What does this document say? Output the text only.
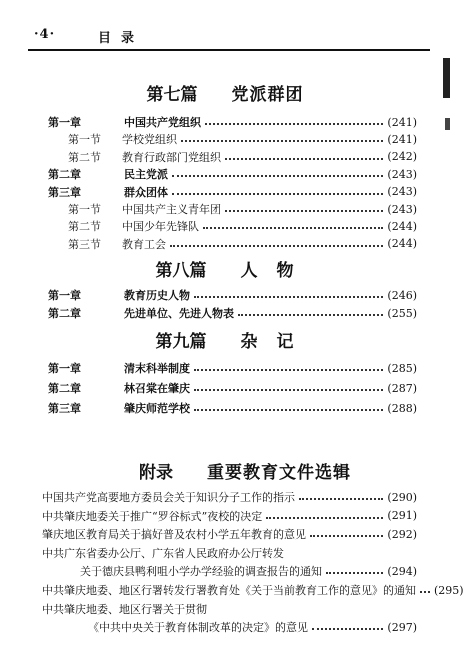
·4·	目录
第七篇 党派群团
第一章	中国共产党组织	(241)
第一节	学校党组织	(241)
第二节	教育行政部门党组织	(242)
第二章	民主党派	(243)
第三章	群众团体	(243)
第一节	中国共产主义青年团	(243)
第二节	中国少年先锋队	(244)
第三节	教育工会	(244)
第八篇 人　物
第一章	教育历史人物	(246)
第二章	先进单位、先进人物表	(255)
第九篇 杂　记
第一章	清末科举制度	(285)
第二章	林召棠在肇庆	(287)
第三章	肇庆师范学校	(288)
附录 重要教育文件选辑
中国共产党高要地方委员会关于知识分子工作的指示	(290)
中共肇庆地委关于推广“罗谷标式”夜校的决定	(291)
肇庆地区教育局关于搞好普及农村小学五年教育的意见	(292)
中共广东省委办公厅、广东省人民政府办公厅转发
关于德庆县鸭利咀小学办学经验的调查报告的通知	(294)
中共肇庆地委、地区行署转发行署教育处《关于当前教育工作的意见》的通知 (295)
中共肇庆地委、地区行署关于贯彻
《中共中央关于教育体制改革的决定》的意见	(297)
